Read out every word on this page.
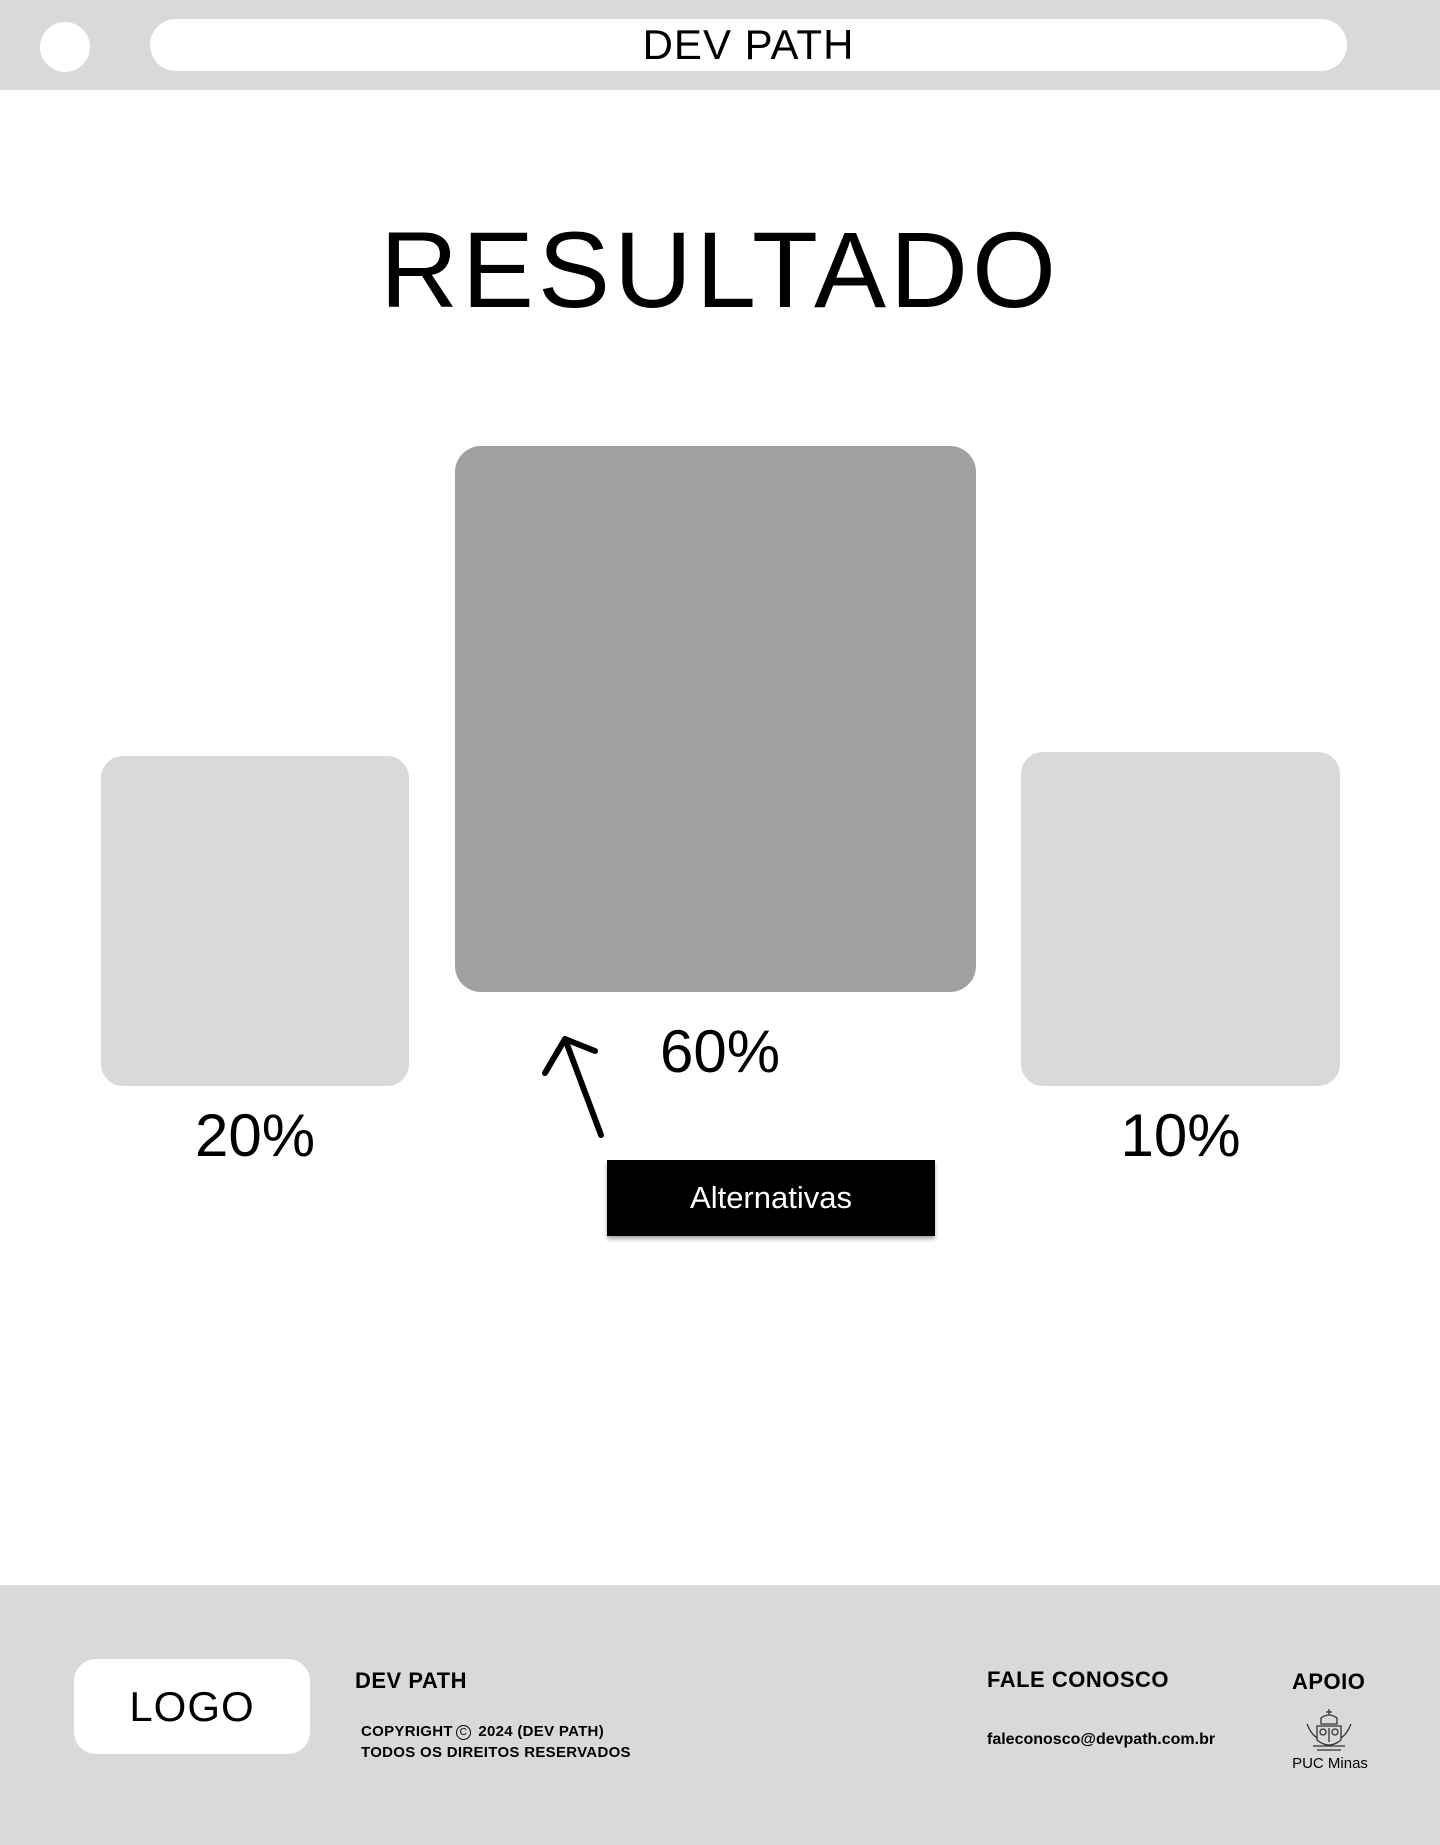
DEV PATH
RESULTADO
20%
60%
10%
Alternativas
LOGO
DEV PATH
COPYRIGHT C 2024 (DEV PATH)
TODOS OS DIREITOS RESERVADOS
FALE CONOSCO
faleconosco@devpath.com.br
APOIO
PUC Minas
